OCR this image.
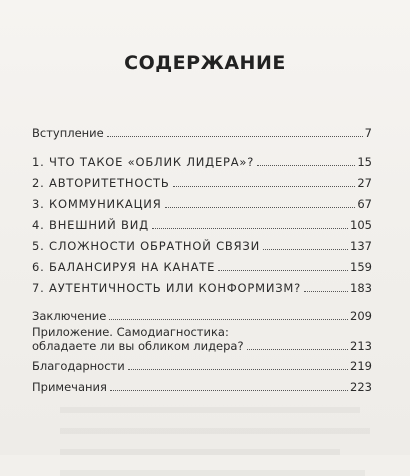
СОДЕРЖАНИЕ
Вступление	7
1. ЧТО ТАКОЕ «ОБЛИК ЛИДЕРА»?	15
2. АВТОРИТЕТНОСТЬ	27
3. КОММУНИКАЦИЯ	67
4. ВНЕШНИЙ ВИД	105
5. СЛОЖНОСТИ ОБРАТНОЙ СВЯЗИ	137
6. БАЛАНСИРУЯ НА КАНАТЕ	159
7. АУТЕНТИЧНОСТЬ ИЛИ КОНФОРМИЗМ?	183
Заключение	209
Приложение. Самодиагностика:
обладаете ли вы обликом лидера?	213
Благодарности	219
Примечания	223
